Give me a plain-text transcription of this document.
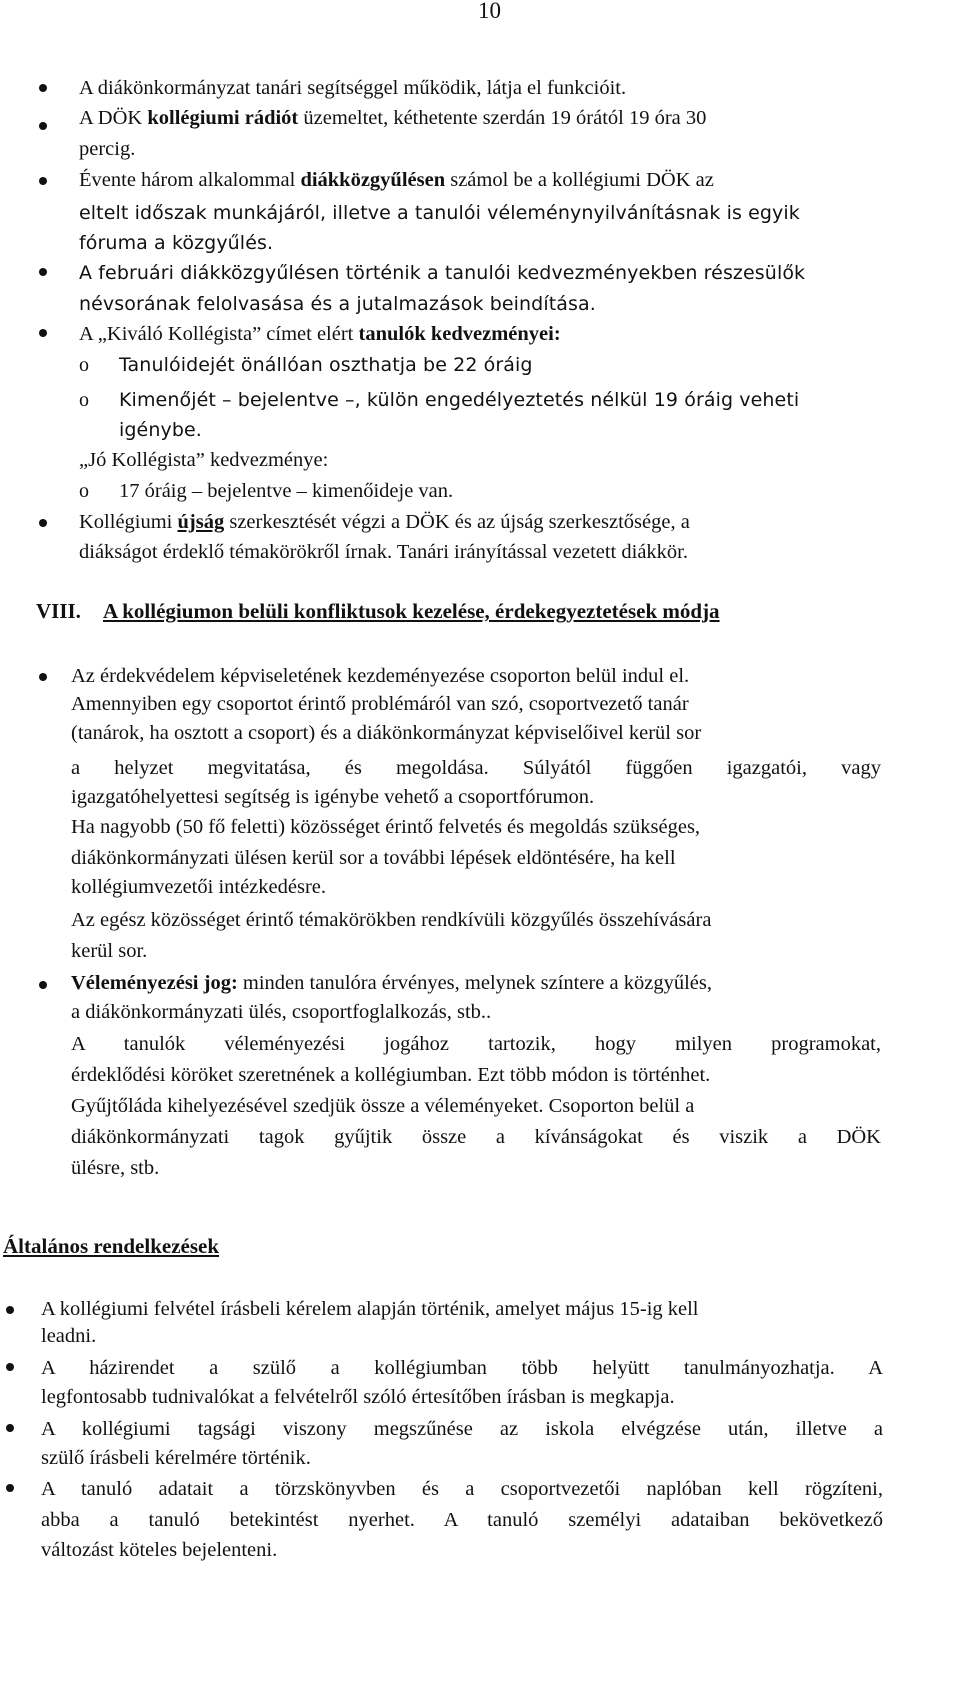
10
A diákönkormányzat tanári segítséggel működik, látja el funkcióit.
A DÖK kollégiumi rádiót üzemeltet, kéthetente szerdán 19 órától 19 óra 30
percig.
Évente három alkalommal diákközgyűlésen számol be a kollégiumi DÖK az
eltelt időszak munkájáról, illetve a tanulói véleménynyilvánításnak is egyik
fóruma a közgyűlés.
A februári diákközgyűlésen történik a tanulói kedvezményekben részesülők
névsorának felolvasása és a jutalmazások beindítása.
A „Kiváló Kollégista” címet elért tanulók kedvezményei:
o Tanulóidejét önállóan oszthatja be 22 óráig
o Kimenőjét – bejelentve –, külön engedélyeztetés nélkül 19 óráig veheti
igénybe.
„Jó Kollégista” kedvezménye:
o 17 óráig – bejelentve – kimenőideje van.
Kollégiumi újság szerkesztését végzi a DÖK és az újság szerkesztősége, a
diákságot érdeklő témakörökről írnak. Tanári irányítással vezetett diákkör.
VIII. A kollégiumon belüli konfliktusok kezelése, érdekegyeztetések módja
Az érdekvédelem képviseletének kezdeményezése csoporton belül indul el.
Amennyiben egy csoportot érintő problémáról van szó, csoportvezető tanár
(tanárok, ha osztott a csoport) és a diákönkormányzat képviselőivel kerül sor
a helyzet megvitatása, és megoldása. Súlyától függően igazgatói, vagy
igazgatóhelyettesi segítség is igénybe vehető a csoportfórumon.
Ha nagyobb (50 fő feletti) közösséget érintő felvetés és megoldás szükséges,
diákönkormányzati ülésen kerül sor a további lépések eldöntésére, ha kell
kollégiumvezetői intézkedésre.
Az egész közösséget érintő témakörökben rendkívüli közgyűlés összehívására
kerül sor.
Véleményezési jog: minden tanulóra érvényes, melynek színtere a közgyűlés,
a diákönkormányzati ülés, csoportfoglalkozás, stb..
A tanulók véleményezési jogához tartozik, hogy milyen programokat,
érdeklődési köröket szeretnének a kollégiumban. Ezt több módon is történhet.
Gyűjtőláda kihelyezésével szedjük össze a véleményeket. Csoporton belül a
diákönkormányzati tagok gyűjtik össze a kívánságokat és viszik a DÖK
ülésre, stb.
Általános rendelkezések
A kollégiumi felvétel írásbeli kérelem alapján történik, amelyet május 15-ig kell
leadni.
A házirendet a szülő a kollégiumban több helyütt tanulmányozhatja. A
legfontosabb tudnivalókat a felvételről szóló értesítőben írásban is megkapja.
A kollégiumi tagsági viszony megszűnése az iskola elvégzése után, illetve a
szülő írásbeli kérelmére történik.
A tanuló adatait a törzskönyvben és a csoportvezetői naplóban kell rögzíteni,
abba a tanuló betekintést nyerhet. A tanuló személyi adataiban bekövetkező
változást köteles bejelenteni.
